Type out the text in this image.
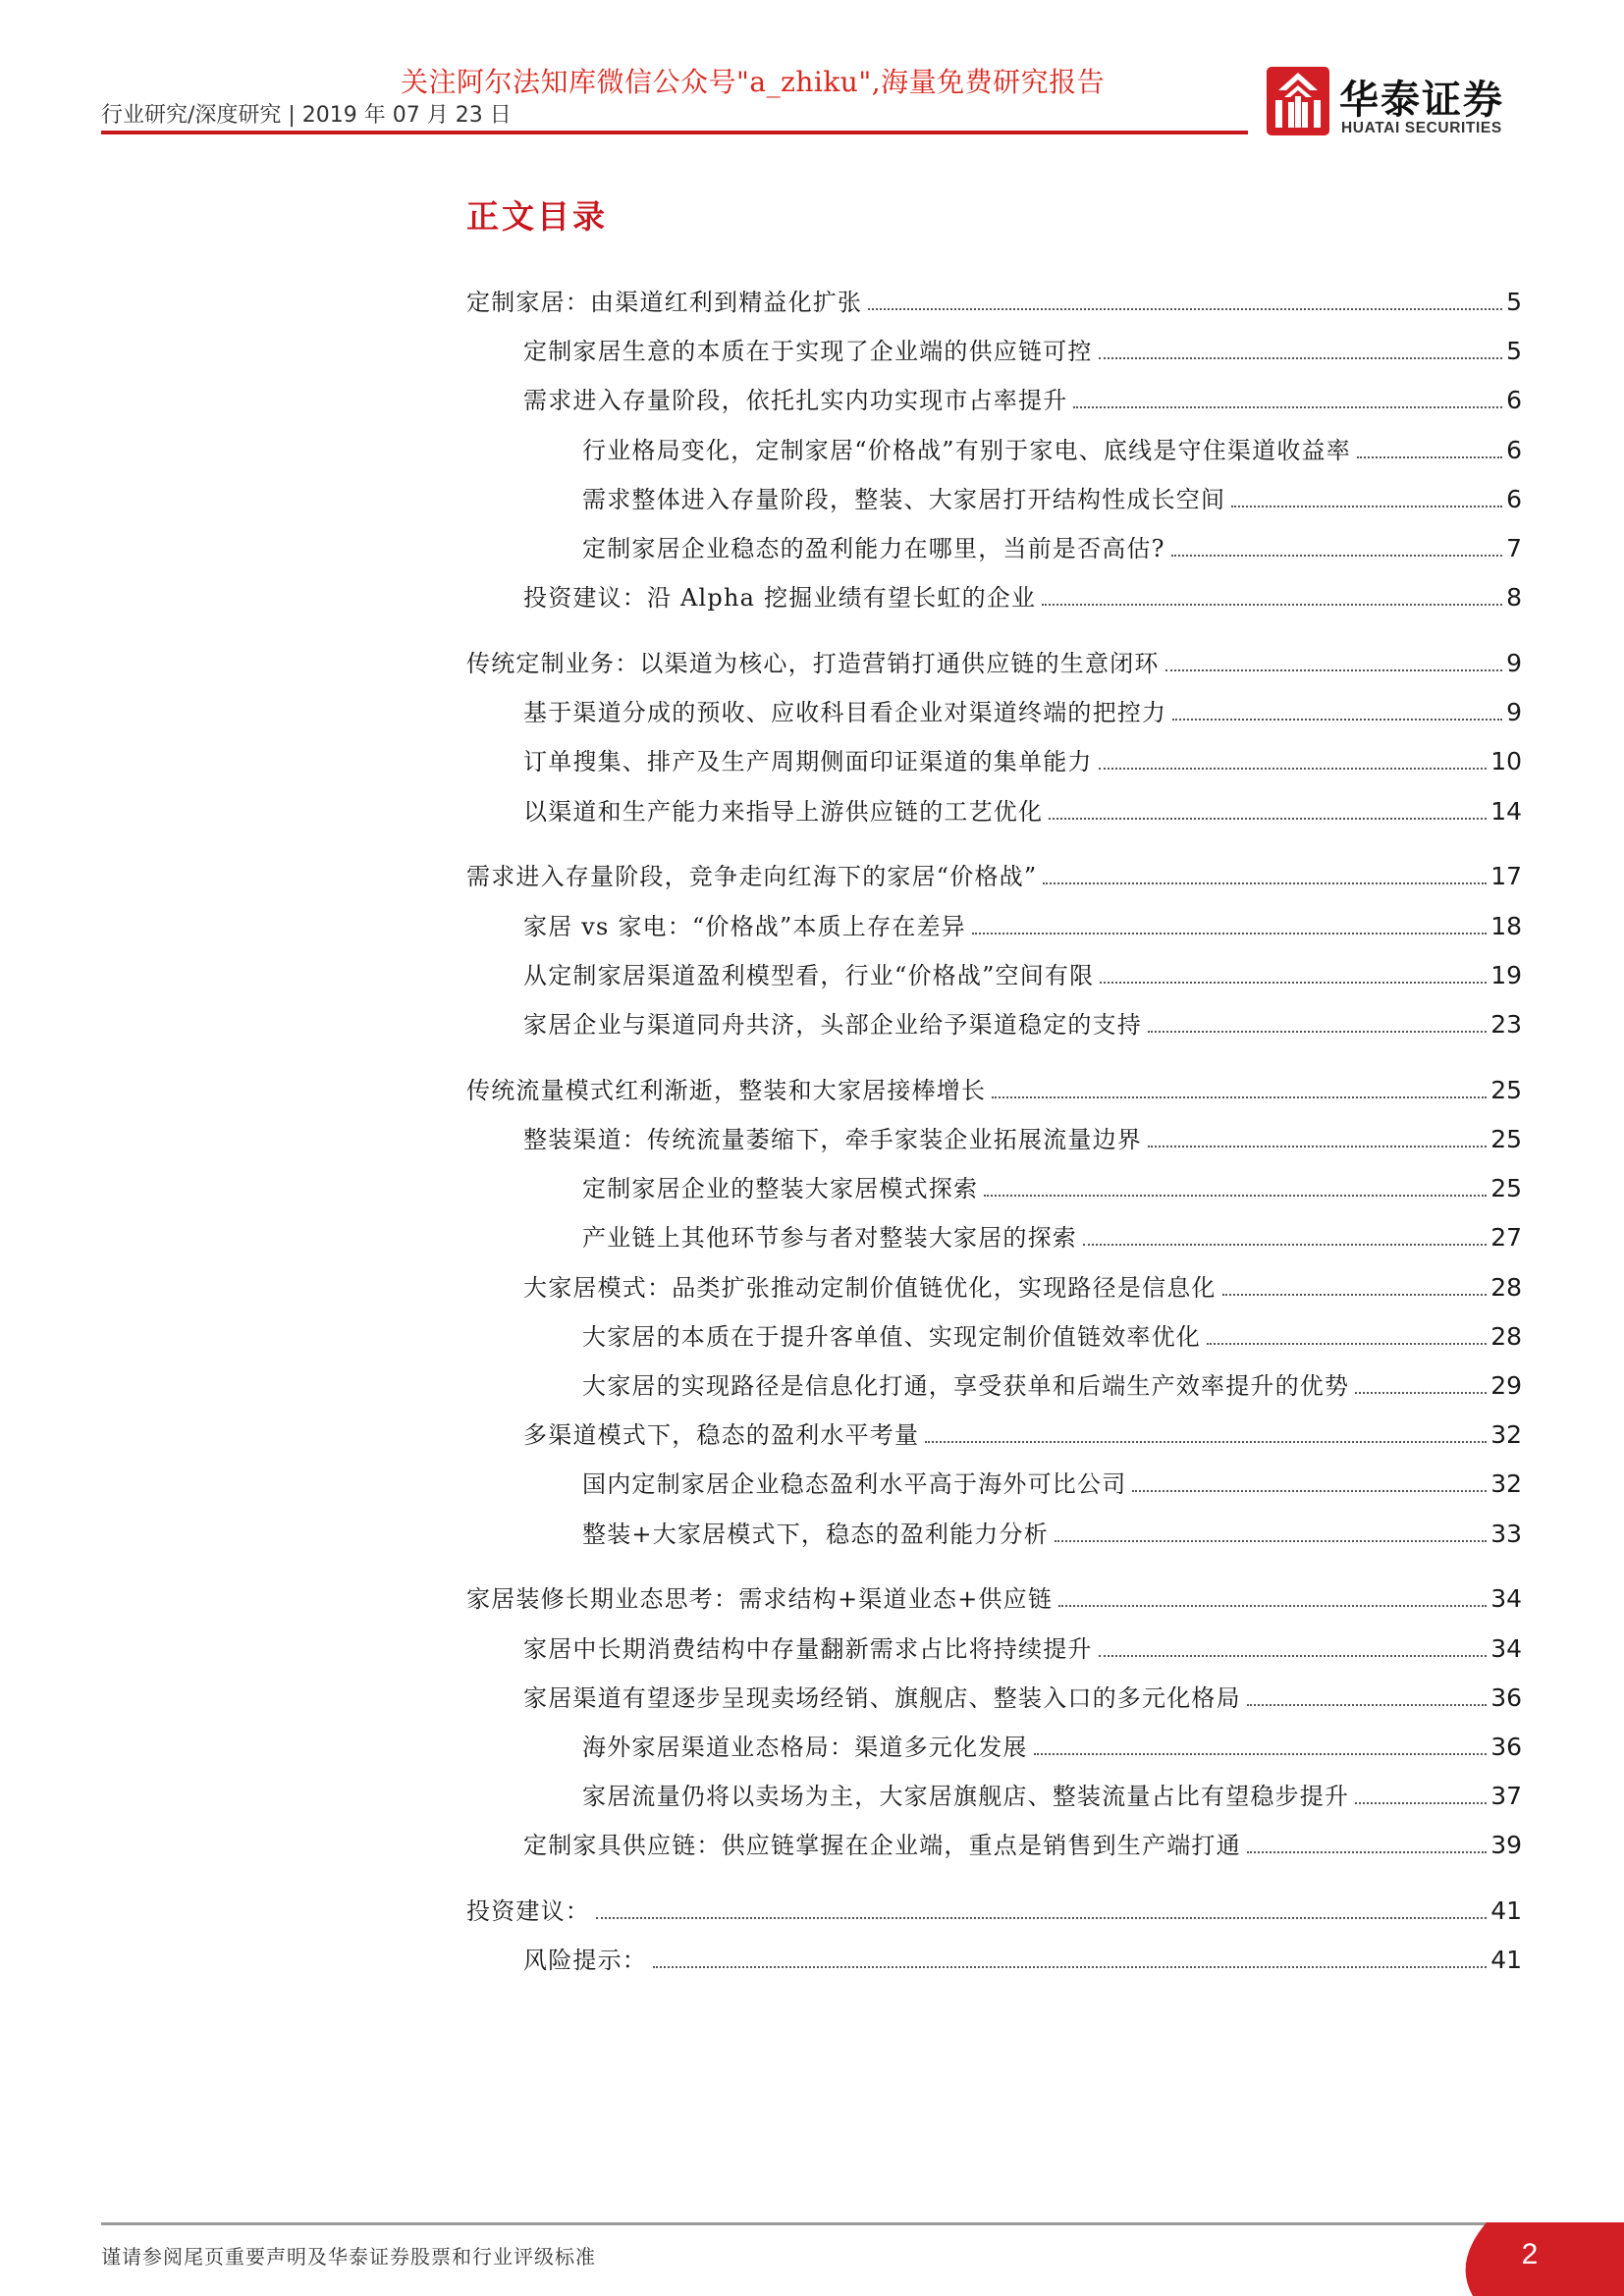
关注阿尔法知库微信公众号"a_zhiku",海量免费研究报告
行业研究/深度研究 | 2019 年 07 月 23 日	华泰证券
HUATAI SECURITIES
正文目录
定制家居：由渠道红利到精益化扩张	5
定制家居生意的本质在于实现了企业端的供应链可控	5
需求进入存量阶段，依托扎实内功实现市占率提升	6
行业格局变化，定制家居“价格战”有别于家电、底线是守住渠道收益率	6
需求整体进入存量阶段，整装、大家居打开结构性成长空间	6
定制家居企业稳态的盈利能力在哪里，当前是否高估?	7
投资建议：沿 Alpha 挖掘业绩有望长虹的企业	8
传统定制业务：以渠道为核心，打造营销打通供应链的生意闭环	9
基于渠道分成的预收、应收科目看企业对渠道终端的把控力	9
订单搜集、排产及生产周期侧面印证渠道的集单能力	10
以渠道和生产能力来指导上游供应链的工艺优化	14
需求进入存量阶段，竞争走向红海下的家居“价格战”	17
家居 vs 家电：“价格战”本质上存在差异	18
从定制家居渠道盈利模型看，行业“价格战”空间有限	19
家居企业与渠道同舟共济，头部企业给予渠道稳定的支持	23
传统流量模式红利渐逝，整装和大家居接棒增长	25
整装渠道：传统流量萎缩下，牵手家装企业拓展流量边界	25
定制家居企业的整装大家居模式探索	25
产业链上其他环节参与者对整装大家居的探索	27
大家居模式：品类扩张推动定制价值链优化，实现路径是信息化	28
大家居的本质在于提升客单值、实现定制价值链效率优化	28
大家居的实现路径是信息化打通，享受获单和后端生产效率提升的优势	29
多渠道模式下，稳态的盈利水平考量	32
国内定制家居企业稳态盈利水平高于海外可比公司	32
整装+大家居模式下，稳态的盈利能力分析	33
家居装修长期业态思考：需求结构+渠道业态+供应链	34
家居中长期消费结构中存量翻新需求占比将持续提升	34
家居渠道有望逐步呈现卖场经销、旗舰店、整装入口的多元化格局	36
海外家居渠道业态格局：渠道多元化发展	36
家居流量仍将以卖场为主，大家居旗舰店、整装流量占比有望稳步提升	37
定制家具供应链：供应链掌握在企业端，重点是销售到生产端打通	39
投资建议：	41
风险提示：	41
谨请参阅尾页重要声明及华泰证券股票和行业评级标准	2
